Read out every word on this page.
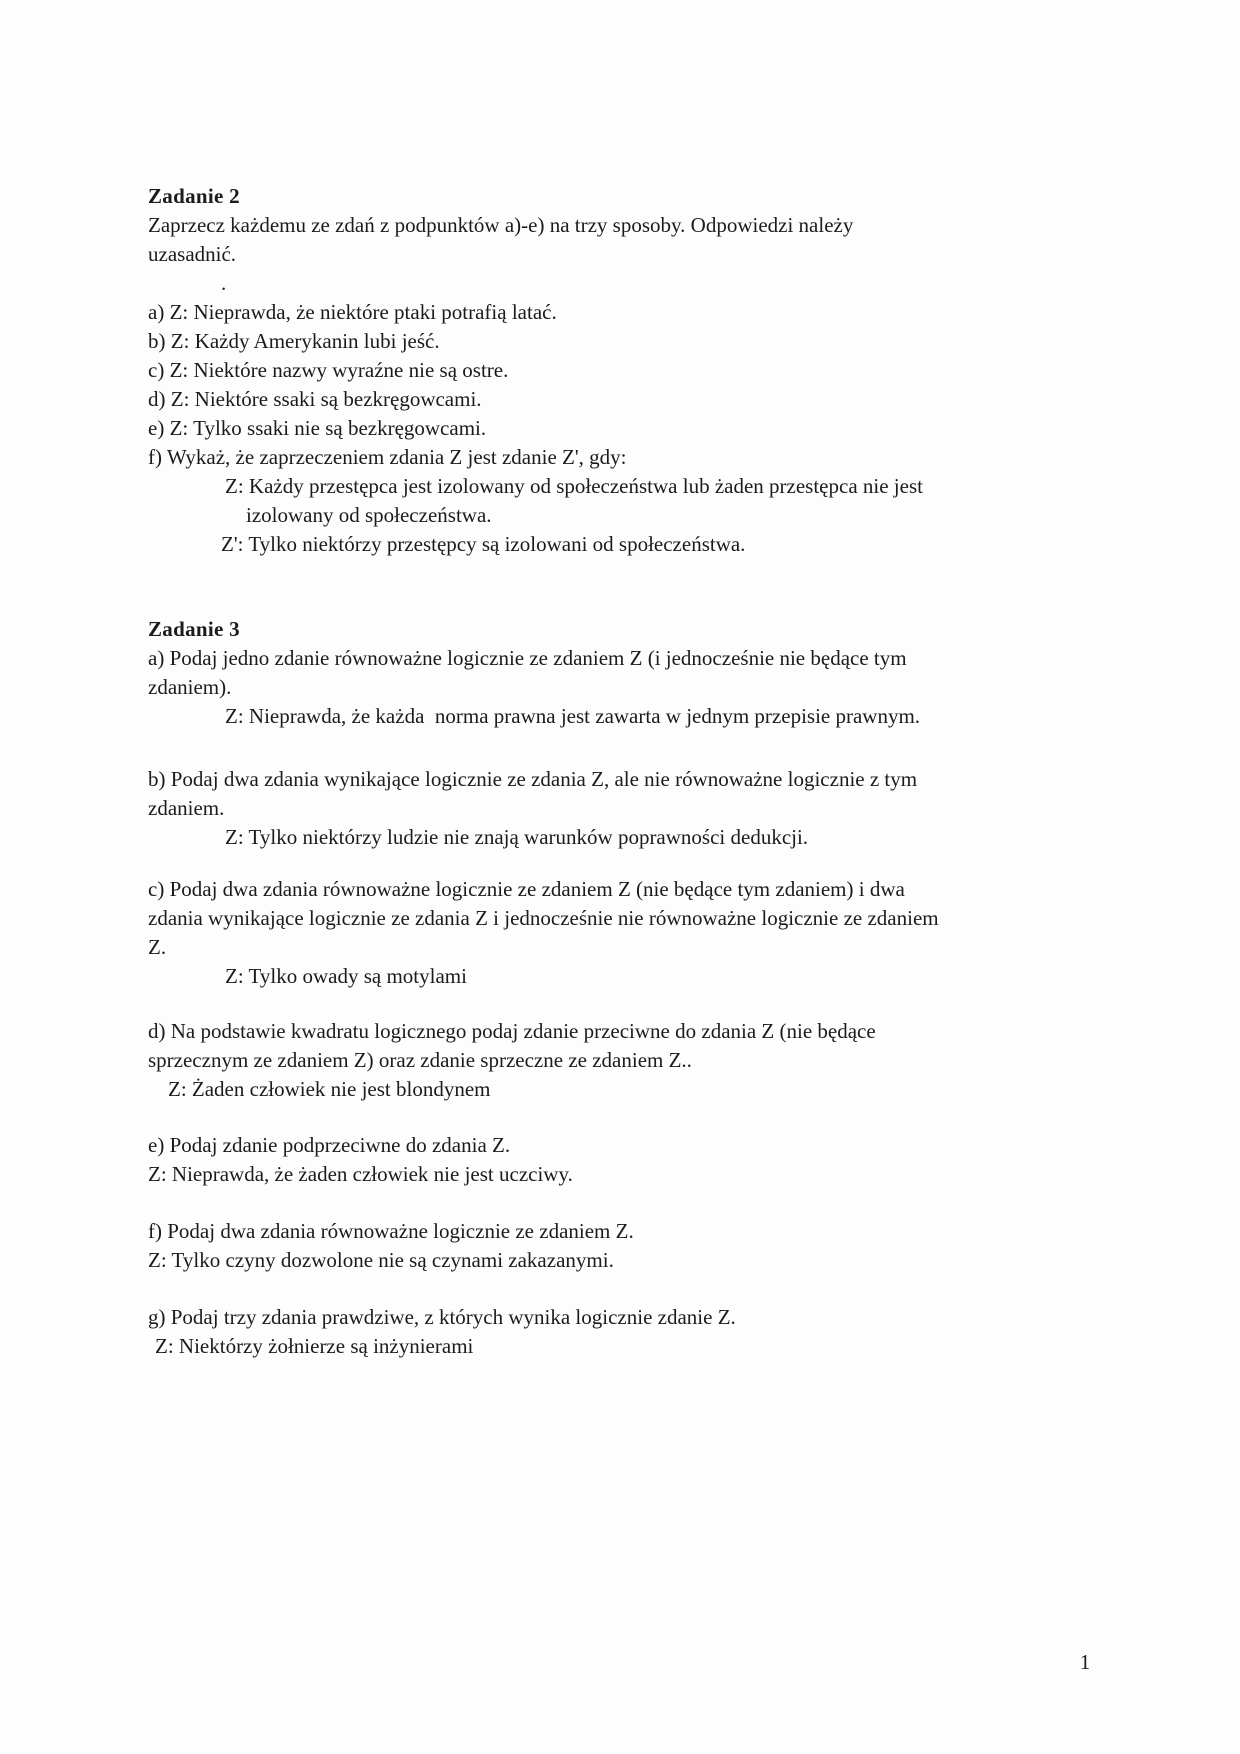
Zadanie 2
Zaprzecz każdemu ze zdań z podpunktów a)-e) na trzy sposoby. Odpowiedzi należy
uzasadnić.
.
a) Z: Nieprawda, że niektóre ptaki potrafią latać.
b) Z: Każdy Amerykanin lubi jeść.
c) Z: Niektóre nazwy wyraźne nie są ostre.
d) Z: Niektóre ssaki są bezkręgowcami.
e) Z: Tylko ssaki nie są bezkręgowcami.
f) Wykaż, że zaprzeczeniem zdania Z jest zdanie Z', gdy:
Z: Każdy przestępca jest izolowany od społeczeństwa lub żaden przestępca nie jest
izolowany od społeczeństwa.
Z': Tylko niektórzy przestępcy są izolowani od społeczeństwa.
Zadanie 3
a) Podaj jedno zdanie równoważne logicznie ze zdaniem Z (i jednocześnie nie będące tym
zdaniem).
Z: Nieprawda, że każda  norma prawna jest zawarta w jednym przepisie prawnym.
b) Podaj dwa zdania wynikające logicznie ze zdania Z, ale nie równoważne logicznie z tym
zdaniem.
Z: Tylko niektórzy ludzie nie znają warunków poprawności dedukcji.
c) Podaj dwa zdania równoważne logicznie ze zdaniem Z (nie będące tym zdaniem) i dwa
zdania wynikające logicznie ze zdania Z i jednocześnie nie równoważne logicznie ze zdaniem
Z.
Z: Tylko owady są motylami
d) Na podstawie kwadratu logicznego podaj zdanie przeciwne do zdania Z (nie będące
sprzecznym ze zdaniem Z) oraz zdanie sprzeczne ze zdaniem Z..
Z: Żaden człowiek nie jest blondynem
e) Podaj zdanie podprzeciwne do zdania Z.
Z: Nieprawda, że żaden człowiek nie jest uczciwy.
f) Podaj dwa zdania równoważne logicznie ze zdaniem Z.
Z: Tylko czyny dozwolone nie są czynami zakazanymi.
g) Podaj trzy zdania prawdziwe, z których wynika logicznie zdanie Z.
Z: Niektórzy żołnierze są inżynierami
1
